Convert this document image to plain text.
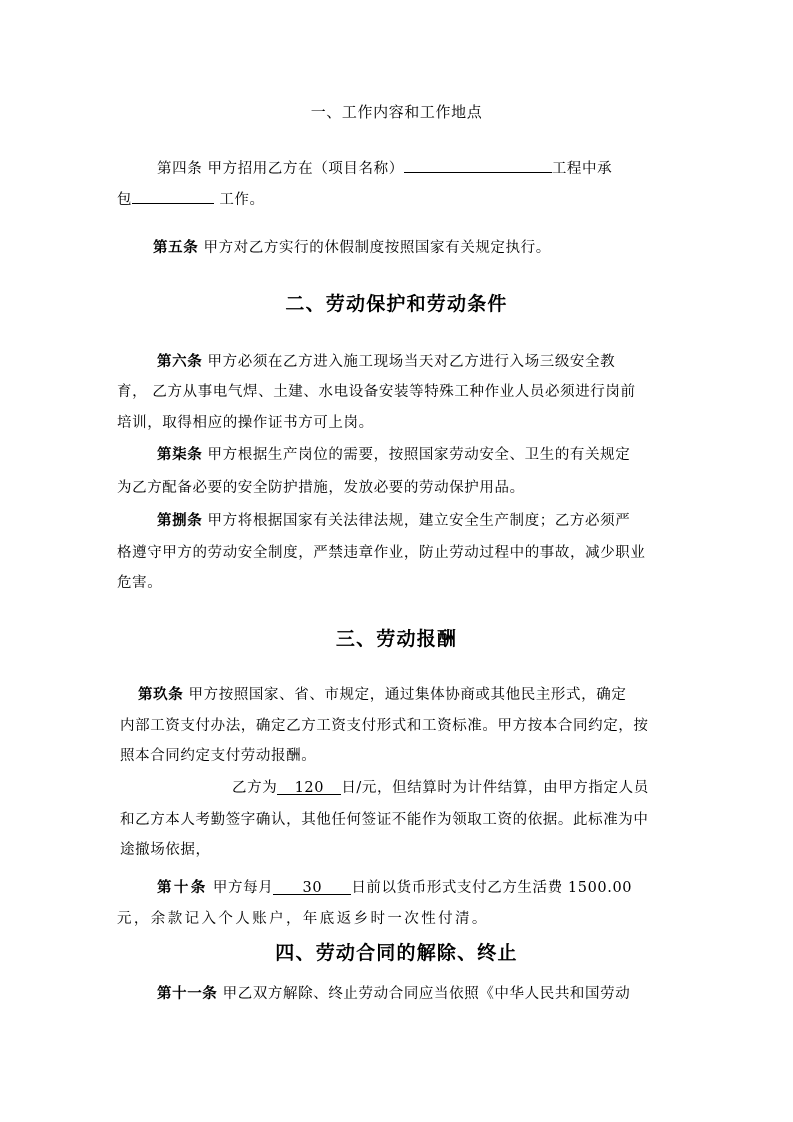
一、工作内容和工作地点
第四条 甲方招用乙方在（项目名称）	工程中承
包	工作。
第五条 甲方对乙方实行的休假制度按照国家有关规定执行。
二、劳动保护和劳动条件
第六条 甲方必须在乙方进入施工现场当天对乙方进行入场三级安全教
育， 乙方从事电气焊、土建、水电设备安装等特殊工种作业人员必须进行岗前
培训，取得相应的操作证书方可上岗。
第柒条 甲方根据生产岗位的需要，按照国家劳动安全、卫生的有关规定
为乙方配备必要的安全防护措施，发放必要的劳动保护用品。
第捌条 甲方将根据国家有关法律法规，建立安全生产制度；乙方必须严
格遵守甲方的劳动安全制度，严禁违章作业，防止劳动过程中的事故，减少职业
危害。
三、劳动报酬
第玖条 甲方按照国家、省、市规定，通过集体协商或其他民主形式，确定
内部工资支付办法，确定乙方工资支付形式和工资标准。甲方按本合同约定，按
照本合同约定支付劳动报酬。
乙方为 120 日/元，但结算时为计件结算，由甲方指定人员
和乙方本人考勤签字确认，其他任何签证不能作为领取工资的依据。此标准为中
途撤场依据，
第十条 甲方每月 30 日前以货币形式支付乙方生活费 1500.00
元，余款记入个人账户，年底返乡时一次性付清。
四、劳动合同的解除、终止
第十一条 甲乙双方解除、终止劳动合同应当依照《中华人民共和国劳动
